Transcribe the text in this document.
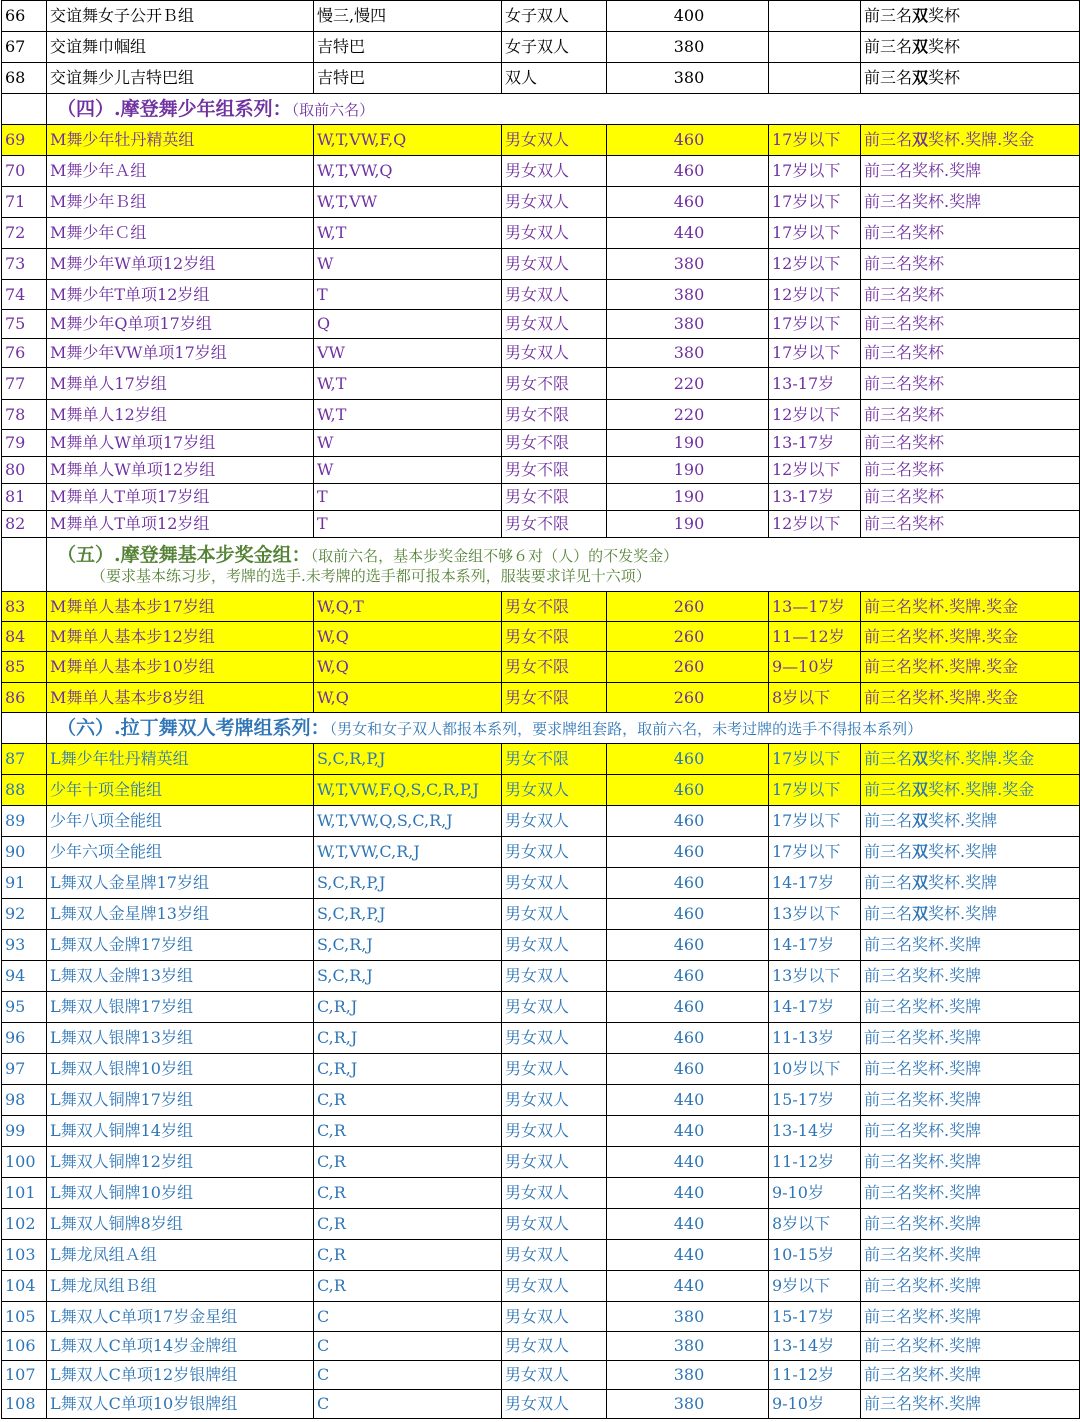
66	交谊舞女子公开Ｂ组	慢三,慢四	女子双人	400		前三名双奖杯
67	交谊舞巾帼组	吉特巴	女子双人	380		前三名双奖杯
68	交谊舞少儿吉特巴组	吉特巴	双人	380		前三名双奖杯
	（四）.摩登舞少年组系列：（取前六名）					
69	M舞少年牡丹精英组	W,T,VW,F,Q	男女双人	460	17岁以下	前三名双奖杯.奖牌.奖金
70	M舞少年Ａ组	W,T,VW,Q	男女双人	460	17岁以下	前三名奖杯.奖牌
71	M舞少年Ｂ组	W,T,VW	男女双人	460	17岁以下	前三名奖杯.奖牌
72	M舞少年Ｃ组	W,T	男女双人	440	17岁以下	前三名奖杯
73	M舞少年W单项12岁组	W	男女双人	380	12岁以下	前三名奖杯
74	M舞少年T单项12岁组	T	男女双人	380	12岁以下	前三名奖杯
75	M舞少年Q单项17岁组	Q	男女双人	380	17岁以下	前三名奖杯
76	M舞少年VW单项17岁组	VW	男女双人	380	17岁以下	前三名奖杯
77	M舞单人17岁组	W,T	男女不限	220	13-17岁	前三名奖杯
78	M舞单人12岁组	W,T	男女不限	220	12岁以下	前三名奖杯
79	M舞单人W单项17岁组	W	男女不限	190	13-17岁	前三名奖杯
80	M舞单人W单项12岁组	W	男女不限	190	12岁以下	前三名奖杯
81	M舞单人T单项17岁组	T	男女不限	190	13-17岁	前三名奖杯
82	M舞单人T单项12岁组	T	男女不限	190	12岁以下	前三名奖杯
	（五）.摩登舞基本步奖金组：（取前六名，基本步奖金组不够６对（人）的不发奖金）
（要求基本练习步，考牌的选手.未考牌的选手都可报本系列，服装要求详见十六项）					

83	M舞单人基本步17岁组	W,Q,T	男女不限	260	13—17岁	前三名奖杯.奖牌.奖金
84	M舞单人基本步12岁组	W,Q	男女不限	260	11—12岁	前三名奖杯.奖牌.奖金
85	M舞单人基本步10岁组	W,Q	男女不限	260	9—10岁	前三名奖杯.奖牌.奖金
86	M舞单人基本步8岁组	W,Q	男女不限	260	8岁以下	前三名奖杯.奖牌.奖金
	（六）.拉丁舞双人考牌组系列：（男女和女子双人都报本系列，要求牌组套路，取前六名，未考过牌的选手不得报本系列）					
87	L舞少年牡丹精英组	S,C,R,P,J	男女不限	460	17岁以下	前三名双奖杯.奖牌.奖金
88	少年十项全能组	W,T,VW,F,Q,S,C,R,P,J	男女双人	460	17岁以下	前三名双奖杯.奖牌.奖金
89	少年八项全能组	W,T,VW,Q,S,C,R,J	男女双人	460	17岁以下	前三名双奖杯.奖牌
90	少年六项全能组	W,T,VW,C,R,J	男女双人	460	17岁以下	前三名双奖杯.奖牌
91	L舞双人金星牌17岁组	S,C,R,P,J	男女双人	460	14-17岁	前三名双奖杯.奖牌
92	L舞双人金星牌13岁组	S,C,R,P,J	男女双人	460	13岁以下	前三名双奖杯.奖牌
93	L舞双人金牌17岁组	S,C,R,J	男女双人	460	14-17岁	前三名奖杯.奖牌
94	L舞双人金牌13岁组	S,C,R,J	男女双人	460	13岁以下	前三名奖杯.奖牌
95	L舞双人银牌17岁组	C,R,J	男女双人	460	14-17岁	前三名奖杯.奖牌
96	L舞双人银牌13岁组	C,R,J	男女双人	460	11-13岁	前三名奖杯.奖牌
97	L舞双人银牌10岁组	C,R,J	男女双人	460	10岁以下	前三名奖杯.奖牌
98	L舞双人铜牌17岁组	C,R	男女双人	440	15-17岁	前三名奖杯.奖牌
99	L舞双人铜牌14岁组	C,R	男女双人	440	13-14岁	前三名奖杯.奖牌
100	L舞双人铜牌12岁组	C,R	男女双人	440	11-12岁	前三名奖杯.奖牌
101	L舞双人铜牌10岁组	C,R	男女双人	440	9-10岁	前三名奖杯.奖牌
102	L舞双人铜牌8岁组	C,R	男女双人	440	8岁以下	前三名奖杯.奖牌
103	L舞龙凤组Ａ组	C,R	男女双人	440	10-15岁	前三名奖杯.奖牌
104	L舞龙凤组Ｂ组	C,R	男女双人	440	9岁以下	前三名奖杯.奖牌
105	L舞双人C单项17岁金星组	C	男女双人	380	15-17岁	前三名奖杯.奖牌
106	L舞双人C单项14岁金牌组	C	男女双人	380	13-14岁	前三名奖杯.奖牌
107	L舞双人C单项12岁银牌组	C	男女双人	380	11-12岁	前三名奖杯.奖牌
108	L舞双人C单项10岁银牌组	C	男女双人	380	9-10岁	前三名奖杯.奖牌
